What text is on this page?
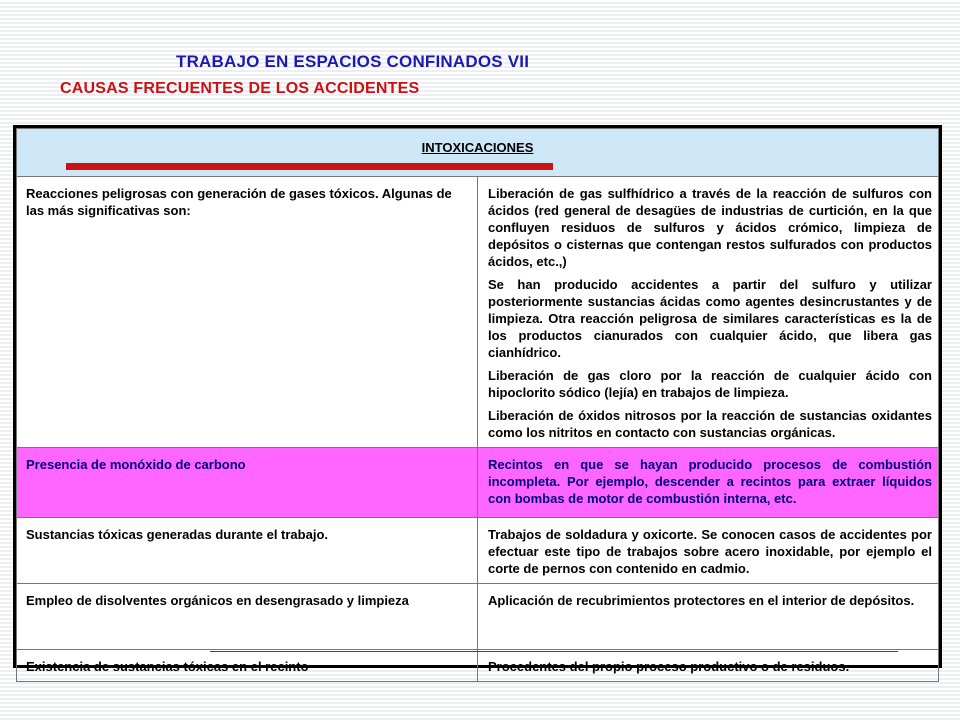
TRABAJO EN ESPACIOS CONFINADOS VII
CAUSAS FRECUENTES DE LOS ACCIDENTES
INTOXICACIONES	
Reacciones peligrosas con generación de gases tóxicos. Algunas de las más significativas son:	Liberación de gas sulfhídrico a través de la reacción de sulfuros con ácidos (red general de desagües de industrias de curtición, en la que confluyen residuos de sulfuros y ácidos crómico, limpieza de depósitos o cisternas que contengan restos sulfurados con productos ácidos, etc.,)

Se han producido accidentes a partir del sulfuro y utilizar posteriormente sustancias ácidas como agentes desincrustantes y de limpieza. Otra reacción peligrosa de similares características es la de los productos cianurados con cualquier ácido, que libera gas cianhídrico.

Liberación de gas cloro por la reacción de cualquier ácido con hipoclorito sódico (lejía) en trabajos de limpieza.

Liberación de óxidos nitrosos por la reacción de sustancias oxidantes como los nitritos en contacto con sustancias orgánicas.

Presencia de monóxido de carbono	Recintos en que se hayan producido procesos de combustión incompleta. Por ejemplo, descender a recintos para extraer líquidos con bombas de motor de combustión interna, etc.

Sustancias tóxicas generadas durante el trabajo.	Trabajos de soldadura y oxicorte. Se conocen casos de accidentes por efectuar este tipo de trabajos sobre acero inoxidable, por ejemplo el corte de pernos con contenido en cadmio.

Empleo de disolventes orgánicos en desengrasado y limpieza	Aplicación de recubrimientos protectores en el interior de depósitos.

Existencia de sustancias tóxicas en el recinto	Procedentes del propio proceso productivo o de residuos.
